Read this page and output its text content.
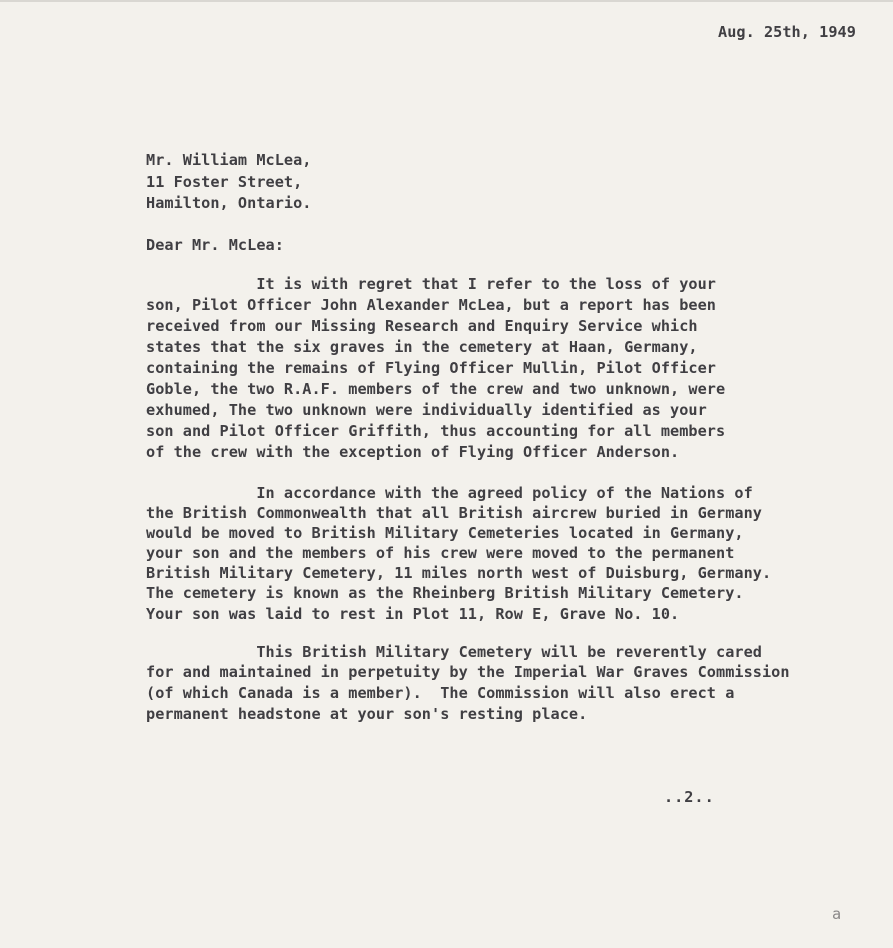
Aug. 25th, 1949
Mr. William McLea,
11 Foster Street,
Hamilton, Ontario.
Dear Mr. McLea:
It is with regret that I refer to the loss of your
son, Pilot Officer John Alexander McLea, but a report has been
received from our Missing Research and Enquiry Service which
states that the six graves in the cemetery at Haan, Germany,
containing the remains of Flying Officer Mullin, Pilot Officer
Goble, the two R.A.F. members of the crew and two unknown, were
exhumed, The two unknown were individually identified as your
son and Pilot Officer Griffith, thus accounting for all members
of the crew with the exception of Flying Officer Anderson.
In accordance with the agreed policy of the Nations of
the British Commonwealth that all British aircrew buried in Germany
would be moved to British Military Cemeteries located in Germany,
your son and the members of his crew were moved to the permanent
British Military Cemetery, 11 miles north west of Duisburg, Germany.
The cemetery is known as the Rheinberg British Military Cemetery.
Your son was laid to rest in Plot 11, Row E, Grave No. 10.
This British Military Cemetery will be reverently cared
for and maintained in perpetuity by the Imperial War Graves Commission
(of which Canada is a member).  The Commission will also erect a
permanent headstone at your son's resting place.
..2..
a
